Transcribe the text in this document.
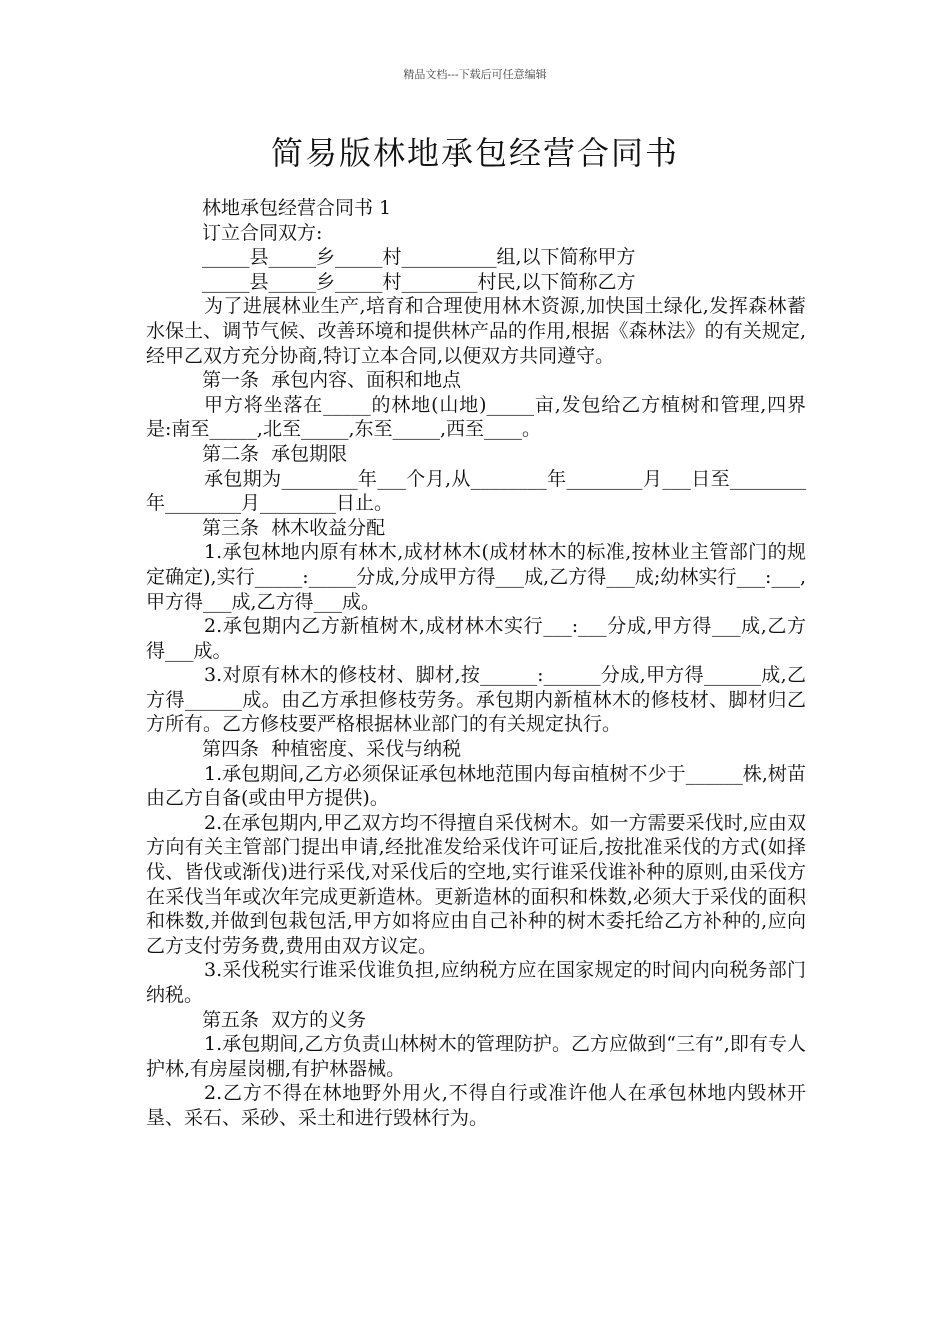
精品文档---下载后可任意编辑
简易版林地承包经营合同书

林地承包经营合同书 1

订立合同双方:

_____县_____乡_____村__________组,以下简称甲方

_____县_____乡_____村________村民,以下简称乙方

为了进展林业生产,培育和合理使用林木资源,加快国土绿化,发挥森林蓄水保土、调节气候、改善环境和提供林产品的作用,根据《森林法》的有关规定,经甲乙双方充分协商,特订立本合同,以便双方共同遵守。

第一条  承包内容、面积和地点

甲方将坐落在_____的林地(山地)_____亩,发包给乙方植树和管理,四界是:南至_____,北至_____,东至_____,西至____。

第二条  承包期限

承包期为________年___个月,从________年________月___日至________年________月________日止。

第三条  林木收益分配

1.承包林地内原有林木,成材林木(成材林木的标准,按林业主管部门的规定确定),实行_____:_____分成,分成甲方得___成,乙方得___成;幼林实行___:___,甲方得___成,乙方得___成。

2.承包期内乙方新植树木,成材林木实行___:___分成,甲方得___成,乙方得___成。

3.对原有林木的修枝材、脚材,按______:______分成,甲方得______成,乙方得______成。由乙方承担修枝劳务。承包期内新植林木的修枝材、脚材归乙方所有。乙方修枝要严格根据林业部门的有关规定执行。

第四条  种植密度、采伐与纳税

1.承包期间,乙方必须保证承包林地范围内每亩植树不少于______株,树苗由乙方自备(或由甲方提供)。

2.在承包期内,甲乙双方均不得擅自采伐树木。如一方需要采伐时,应由双方向有关主管部门提出申请,经批准发给采伐许可证后,按批准采伐的方式(如择伐、皆伐或渐伐)进行采伐,对采伐后的空地,实行谁采伐谁补种的原则,由采伐方在采伐当年或次年完成更新造林。更新造林的面积和株数,必须大于采伐的面积和株数,并做到包栽包活,甲方如将应由自己补种的树木委托给乙方补种的,应向乙方支付劳务费,费用由双方议定。

3.采伐税实行谁采伐谁负担,应纳税方应在国家规定的时间内向税务部门纳税。

第五条  双方的义务

1.承包期间,乙方负责山林树木的管理防护。乙方应做到“三有”,即有专人护林,有房屋岗棚,有护林器械。

2.乙方不得在林地野外用火,不得自行或准许他人在承包林地内毁林开垦、采石、采砂、采土和进行毁林行为。
